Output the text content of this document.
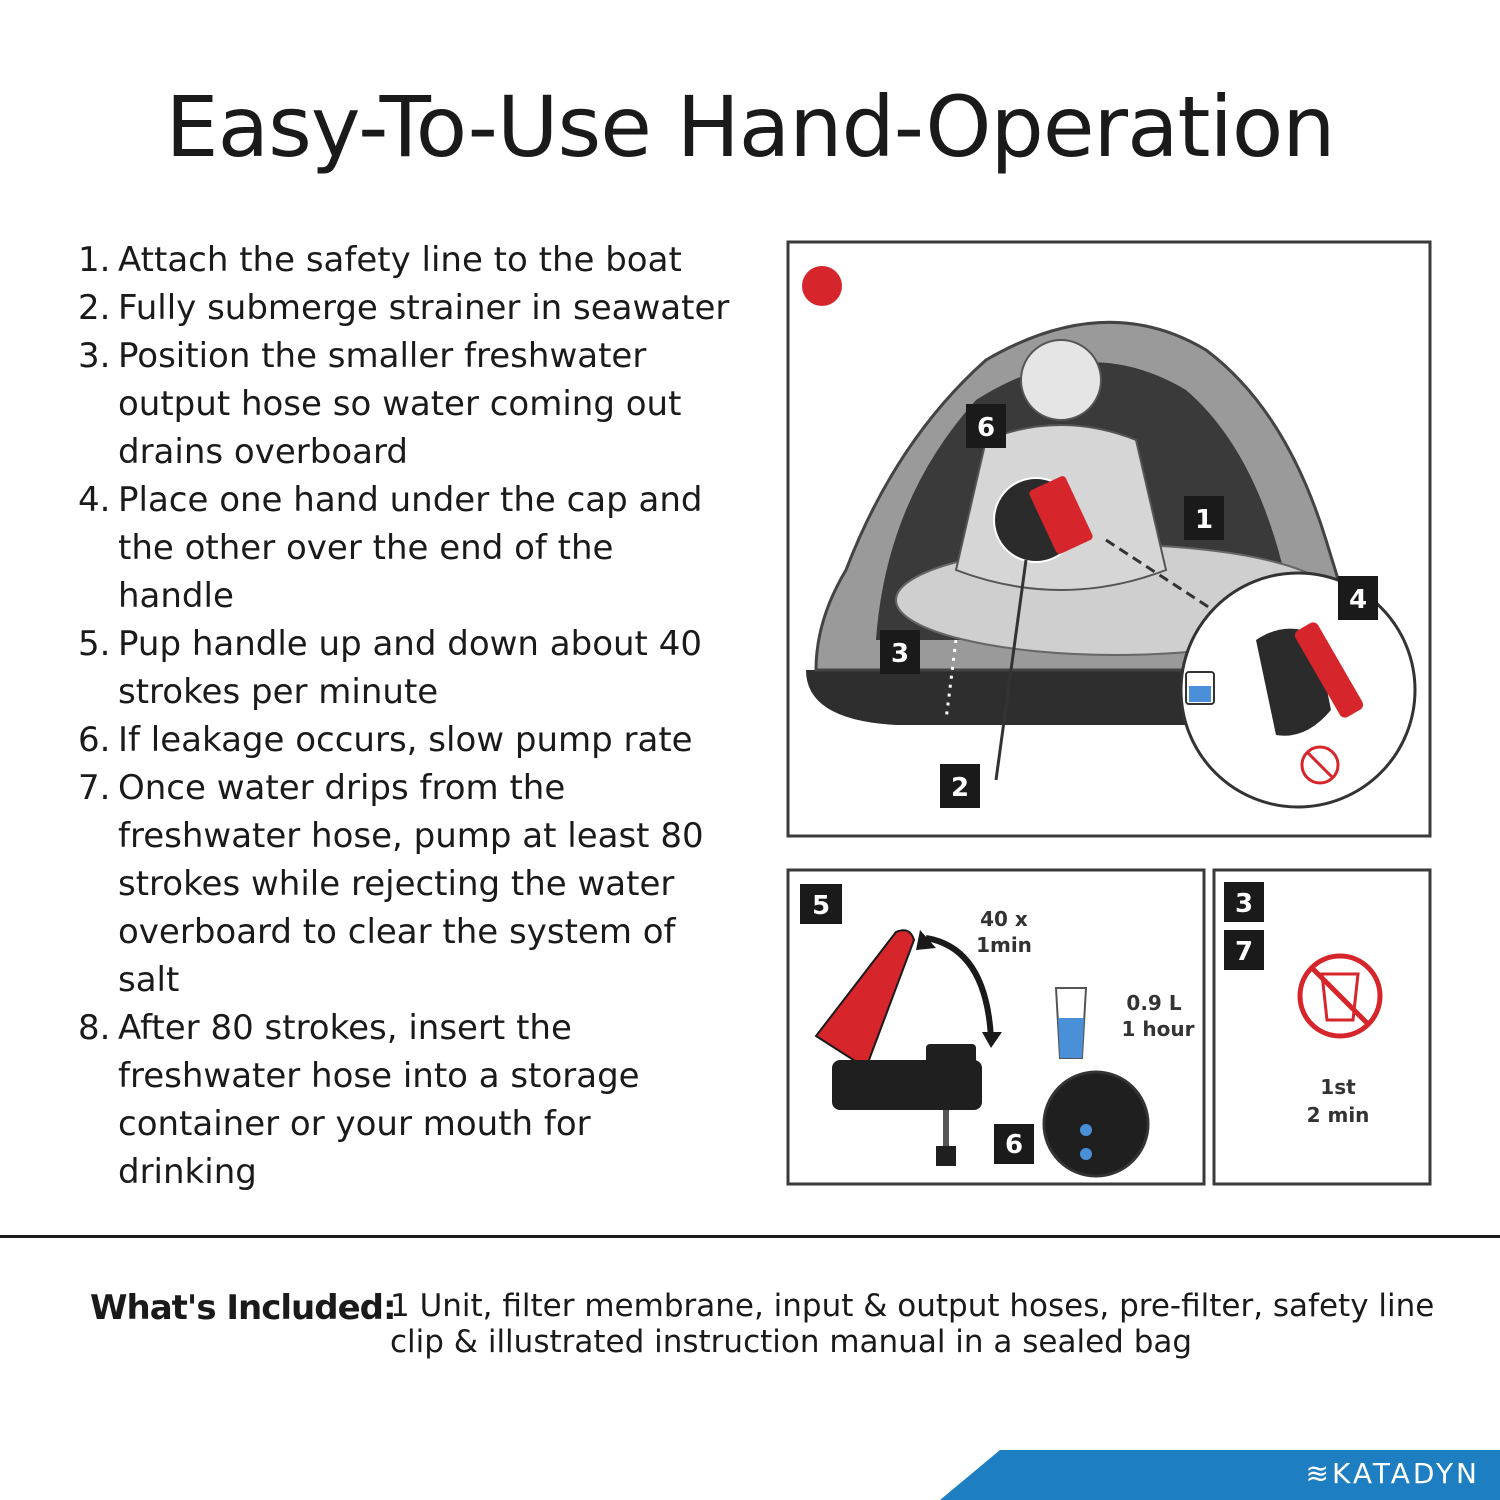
Easy-To-Use Hand-Operation
1. Attach the safety line to the boat
2. Fully submerge strainer in seawater
3. Position the smaller freshwater output hose so water coming out drains overboard
4. Place one hand under the cap and the other over the end of the handle
5. Pup handle up and down about 40 strokes per minute
6. If leakage occurs, slow pump rate
7. Once water drips from the freshwater hose, pump at least 80 strokes while rejecting the water overboard to clear the system of salt
8. After 80 strokes, insert the freshwater hose into a storage container or your mouth for drinking
6
1
4
3
2
5	40 x
1min
0.9 L
1 hour
6
3
7
1st
2 min
What's Included:
1 Unit, filter membrane, input & output hoses, pre-filter, safety line clip & illustrated instruction manual in a sealed bag
≋KATADYN
